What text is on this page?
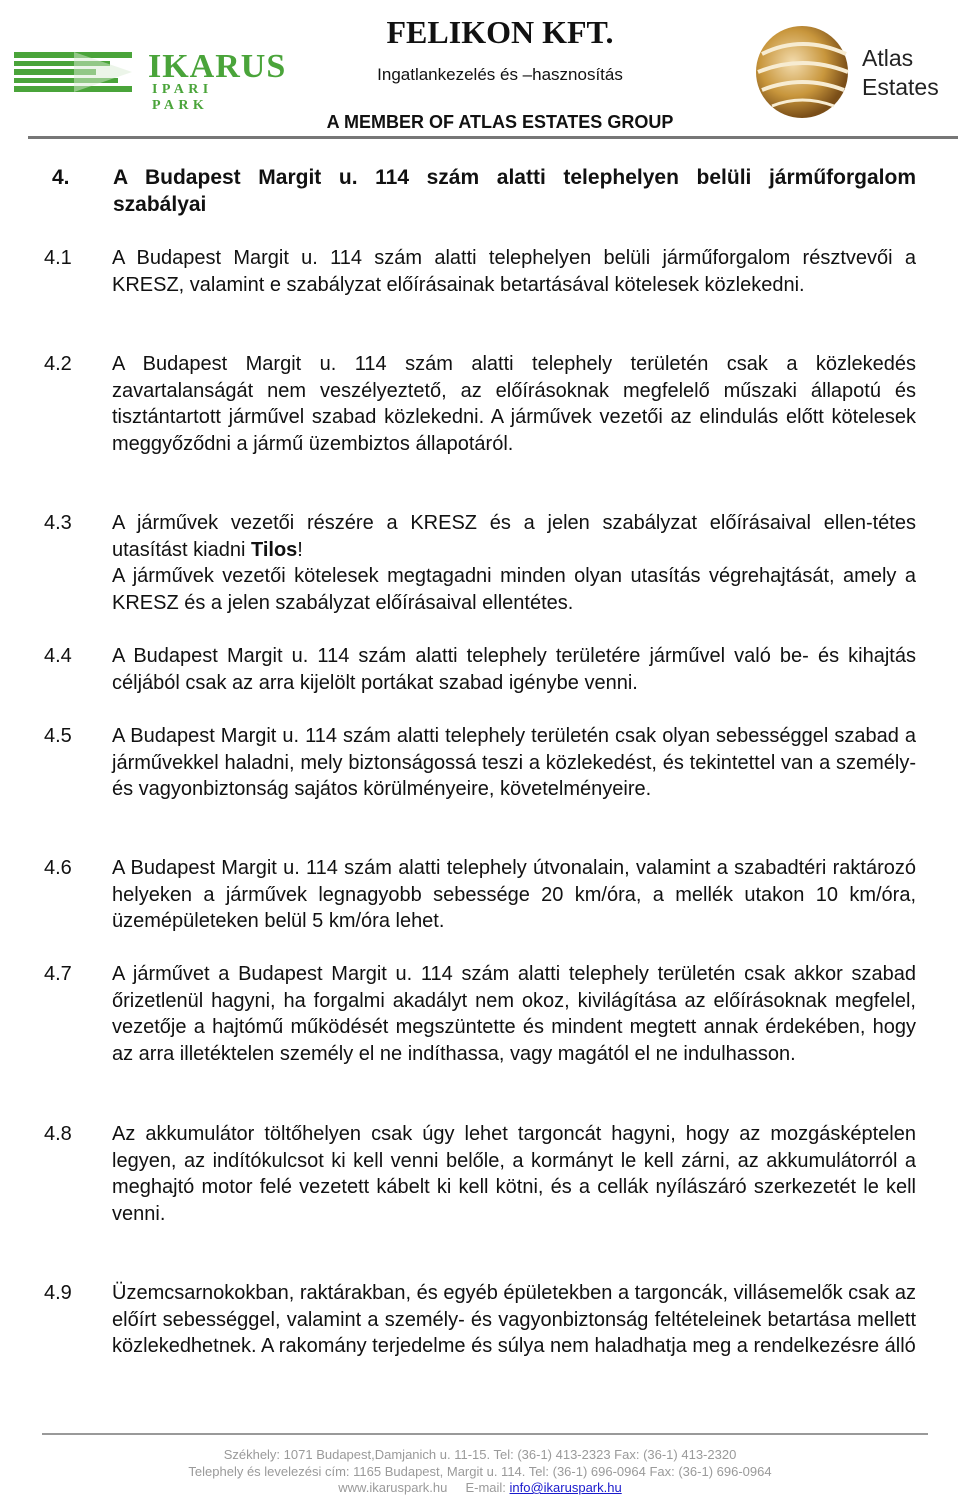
IKARUS
IPARI PARK
FELIKON KFT.
Ingatlankezelés és –hasznosítás
A MEMBER OF ATLAS ESTATES GROUP
Atlas
Estates
4. A Budapest Margit u. 114 szám alatti telephelyen belüli járműforgalom
szabályai
4.1 A Budapest Margit u. 114 szám alatti telephelyen belüli járműforgalom résztvevői a KRESZ, valamint e szabályzat előírásainak betartásával kötelesek közlekedni.

4.2 A Budapest Margit u. 114 szám alatti telephely területén csak a közlekedés zavartalanságát nem veszélyeztető, az előírásoknak megfelelő műszaki állapotú és tisztántartott járművel szabad közlekedni. A járművek vezetői az elindulás előtt kötelesek meggyőződni a jármű üzembiztos állapotáról.

4.3 A járművek vezetői részére a KRESZ és a jelen szabályzat előírásaival ellen-tétes utasítást kiadni Tilos!

A járművek vezetői kötelesek megtagadni minden olyan utasítás végrehajtását, amely a KRESZ és a jelen szabályzat előírásaival ellentétes.

4.4 A Budapest Margit u. 114 szám alatti telephely területére járművel való be- és kihajtás céljából csak az arra kijelölt portákat szabad igénybe venni.

4.5 A Budapest Margit u. 114 szám alatti telephely területén csak olyan sebességgel szabad a járművekkel haladni, mely biztonságossá teszi a közlekedést, és tekintettel van a személy- és vagyonbiztonság sajátos körülményeire, követelményeire.

4.6 A Budapest Margit u. 114 szám alatti telephely útvonalain, valamint a szabadtéri raktározó helyeken a járművek legnagyobb sebessége 20 km/óra, a mellék utakon 10 km/óra, üzemépületeken belül 5 km/óra lehet.

4.7 A járművet a Budapest Margit u. 114 szám alatti telephely területén csak akkor szabad őrizetlenül hagyni, ha forgalmi akadályt nem okoz, kivilágítása az előírásoknak megfelel, vezetője a hajtómű működését megszüntette és mindent megtett annak érdekében, hogy az arra illetéktelen személy el ne indíthassa, vagy magától el ne indulhasson.

4.8 Az akkumulátor töltőhelyen csak úgy lehet targoncát hagyni, hogy az mozgásképtelen legyen, az indítókulcsot ki kell venni belőle, a kormányt le kell zárni, az akkumulátorról a meghajtó motor felé vezetett kábelt ki kell kötni, és a cellák nyílászáró szerkezetét le kell venni.

4.9 Üzemcsarnokokban, raktárakban, és egyéb épületekben a targoncák, villásemelők csak az előírt sebességgel, valamint a személy- és vagyonbiztonság feltételeinek betartása mellett közlekedhetnek. A rakomány terjedelme és súlya nem haladhatja meg a rendelkezésre álló

Székhely: 1071 Budapest,Damjanich u. 11-15. Tel: (36-1) 413-2323 Fax: (36-1) 413-2320
Telephely és levelezési cím: 1165 Budapest, Margit u. 114. Tel: (36-1) 696-0964 Fax: (36-1) 696-0964
www.ikaruspark.hu E-mail: info@ikaruspark.hu
